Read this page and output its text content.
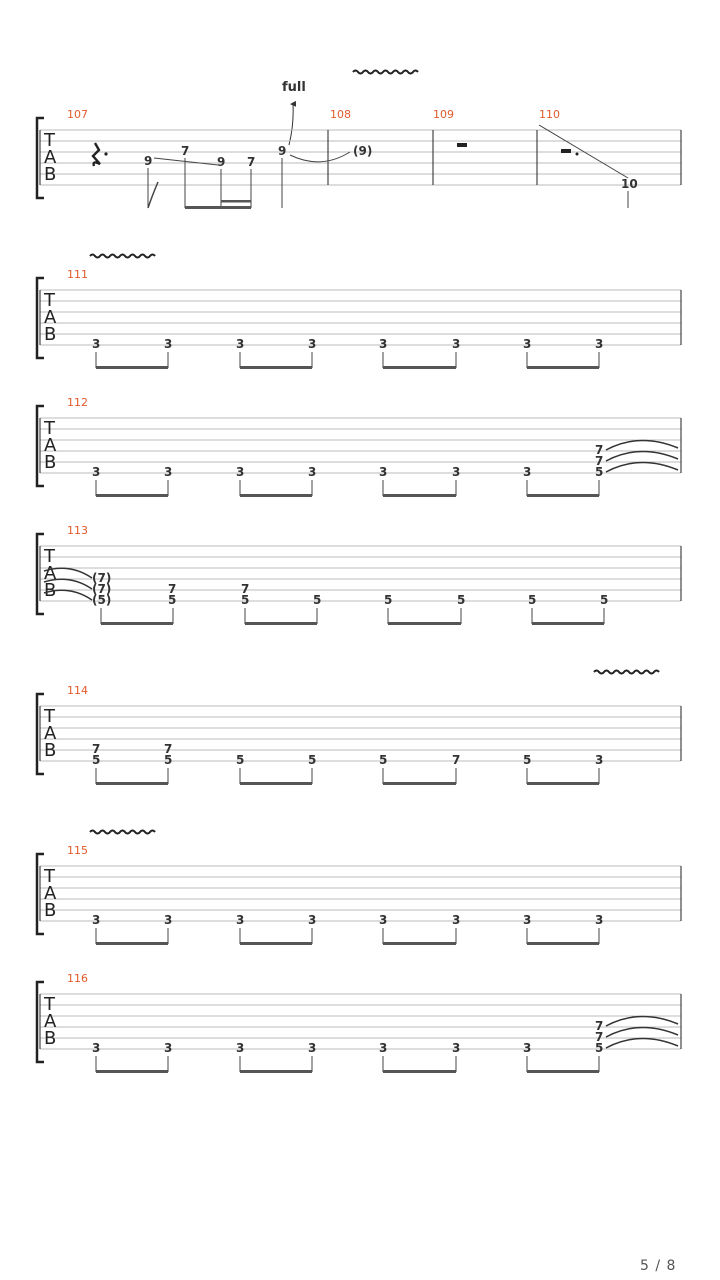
full
T
A
B
107	108	109	110
9
7
9 7
9	(9)
10
T
A
B
111
3	3	3	3	3	3	3	3
T
A
B
112
3	3	3	3	3	3	3
7
7
5
T
A
B
113
(7)
(7)
(5)
7
5
7
5	5	5	5	5	5
T
A
B
114
7
5
7
5	5	5	5	7	5	3
T
A
B
115
3	3	3	3	3	3	3	3
T
A
B
116
3	3	3	3	3	3	3
7
7
5
5 / 8
